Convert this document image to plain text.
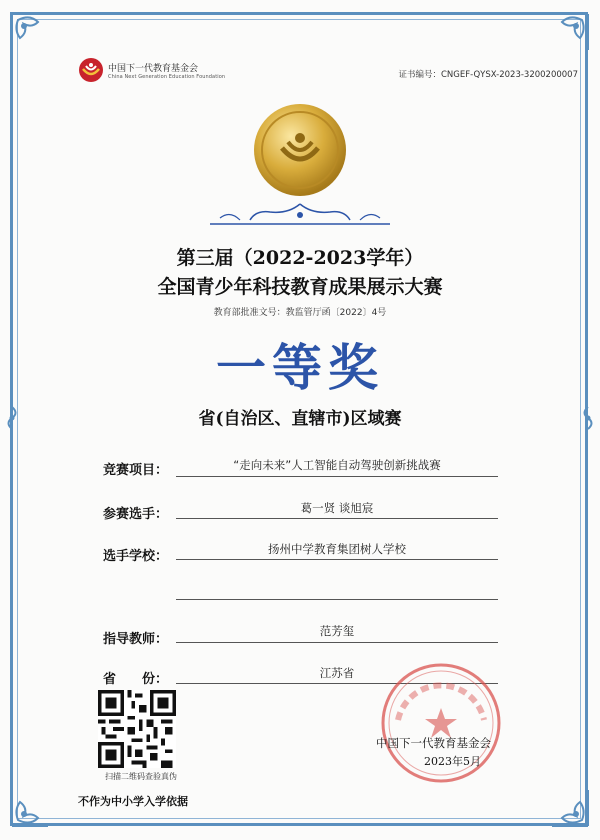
中国下一代教育基金会
China Next Generation Education Foundation	证书编号：CNGEF-QYSX-2023-3200200007
第三届（2022-2023学年）
全国青少年科技教育成果展示大赛
教育部批准文号：教监管厅函〔2022〕4号
一等奖
省(自治区、直辖市)区域赛
竞赛项目：	“走向未来”人工智能自动驾驶创新挑战赛
参赛选手：	葛一贤 谈旭宸
选手学校：	扬州中学教育集团树人学校
指导教师：
范芳玺
省　　份：	江苏省
扫描二维码查验真伪
不作为中小学入学依据
中国下一代教育基金会
2023年5月
